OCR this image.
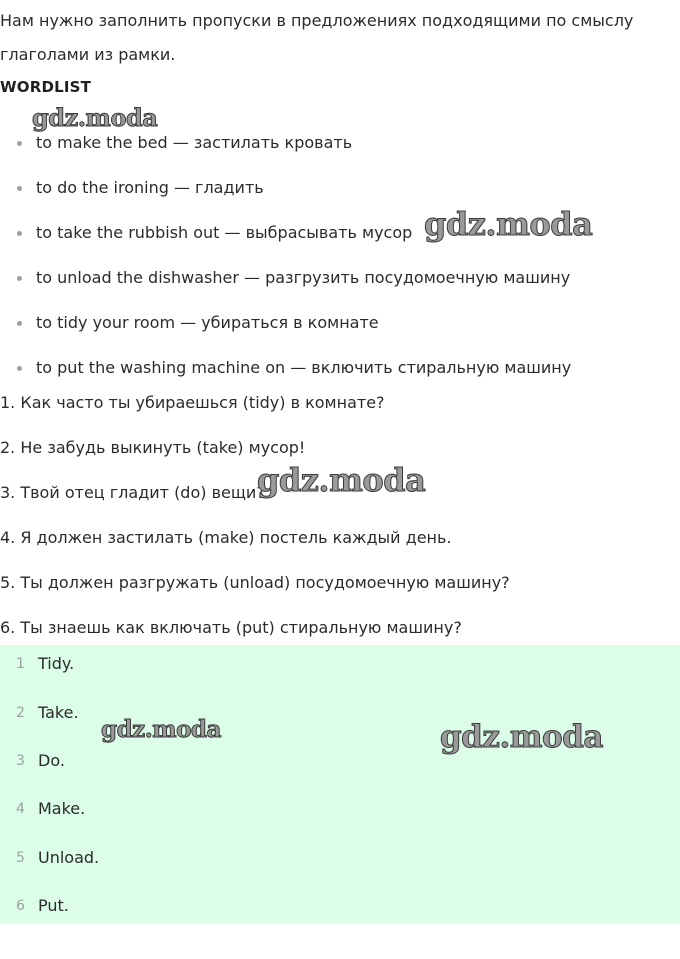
Нам нужно заполнить пропуски в предложениях подходящими по смыслу глаголами из рамки.

WORDLIST
to make the bed — застилать кровать
to do the ironing — гладить
to take the rubbish out — выбрасывать мусор
to unload the dishwasher — разгрузить посудомоечную машину
to tidy your room — убираться в комнате
to put the washing machine on — включить стиральную машину

1. Как часто ты убираешься (tidy) в комнате?

2. Не забудь выкинуть (take) мусор!

3. Твой отец гладит (do) вещи?

4. Я должен застилать (make) постель каждый день.

5. Ты должен разгружать (unload) посудомоечную машину?

6. Ты знаешь как включать (put) стиральную машину?

1 Tidy.
2 Take.
3 Do.
4 Make.
5 Unload.
6 Put.
gdz.moda
gdz.moda
gdz.moda
gdz.moda	gdz.moda
